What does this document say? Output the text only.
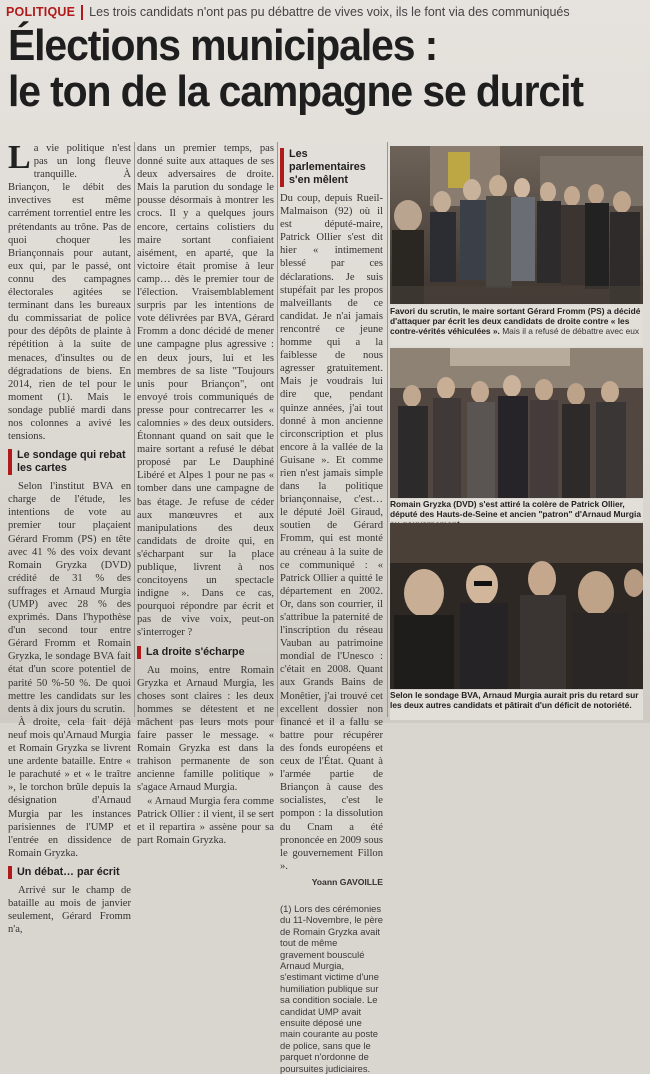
POLITIQUE Les trois candidats n'ont pas pu débattre de vives voix, ils le font via des communiqués
Élections municipales :
le ton de la campagne se durcit

La vie politique n'est pas un long fleuve tranquille. À Briançon, le débit des invectives est même carrément torrentiel entre les prétendants au trône. Pas de quoi choquer les Briançonnais pour autant, eux qui, par le passé, ont connu des campagnes électorales agitées se terminant dans les bureaux du commissariat de police pour des dépôts de plainte à répétition à la suite de menaces, d'insultes ou de dégradations de biens. En 2014, rien de tel pour le moment (1). Mais le sondage publié mardi dans nos colonnes a avivé les tensions.

Le sondage qui rebat les cartes

Selon l'institut BVA en charge de l'étude, les intentions de vote au premier tour plaçaient Gérard Fromm (PS) en tête avec 41 % des voix devant Romain Gryzka (DVD) crédité de 31 % des suffrages et Arnaud Murgia (UMP) avec 28 % des exprimés. Dans l'hypothèse d'un second tour entre Gérard Fromm et Romain Gryzka, le sondage BVA fait état d'un score potentiel de parité 50 %-50 %. De quoi mettre les candidats sur les dents à dix jours du scrutin.

À droite, cela fait déjà neuf mois qu'Arnaud Murgia et Romain Gryzka se livrent une ardente bataille. Entre « le parachuté » et « le traître », le torchon brûle depuis la désignation d'Arnaud Murgia par les instances parisiennes de l'UMP et l'entrée en dissidence de Romain Gryzka.

Un débat… par écrit

Arrivé sur le champ de bataille au mois de janvier seulement, Gérard Fromm n'a,

dans un premier temps, pas donné suite aux attaques de ses deux adversaires de droite. Mais la parution du sondage le pousse désormais à montrer les crocs. Il y a quelques jours encore, certains colistiers du maire sortant confiaient aisément, en aparté, que la victoire était promise à leur camp… dès le premier tour de l'élection. Vraisemblablement surpris par les intentions de vote délivrées par BVA, Gérard Fromm a donc décidé de mener une campagne plus agressive : en deux jours, lui et les membres de sa liste "Toujours unis pour Briançon", ont envoyé trois communiqués de presse pour contrecarrer les « calomnies » des deux outsiders. Étonnant quand on sait que le maire sortant a refusé le débat proposé par Le Dauphiné Libéré et Alpes 1 pour ne pas « tomber dans une campagne de bas étage. Je refuse de céder aux manœuvres et aux manipulations des deux candidats de droite qui, en s'écharpant sur la place publique, livrent à nos concitoyens un spectacle indigne ». Dans ce cas, pourquoi répondre par écrit et pas de vive voix, peut-on s'interroger ?

La droite s'écharpe

Au moins, entre Romain Gryzka et Arnaud Murgia, les choses sont claires : les deux hommes se détestent et ne mâchent pas leurs mots pour faire passer le message. « Romain Gryzka est dans la trahison permanente de son ancienne famille politique » s'agace Arnaud Murgia.

« Arnaud Murgia fera comme Patrick Ollier : il vient, il se sert et il repartira » assène pour sa part Romain Gryzka.

Les parlementaires s'en mêlent

Du coup, depuis Rueil-Malmaison (92) où il est député-maire, Patrick Ollier s'est dit hier « intimement blessé par ces déclarations. Je suis stupéfait par les propos malveillants de ce candidat. Je n'ai jamais rencontré ce jeune homme qui a la faiblesse de nous agresser gratuitement. Mais je voudrais lui dire que, pendant quinze années, j'ai tout donné à mon ancienne circonscription et plus encore à la vallée de la Guisane ». Et comme rien n'est jamais simple dans la politique briançonnaise, c'est… le député Joël Giraud, soutien de Gérard Fromm, qui est monté au créneau à la suite de ce communiqué : « Patrick Ollier a quitté le département en 2002. Or, dans son courrier, il s'attribue la paternité de l'inscription du réseau Vauban au patrimoine mondial de l'Unesco : c'était en 2008. Quant aux Grands Bains de Monêtier, j'ai trouvé cet excellent dossier non financé et il a fallu se battre pour récupérer des fonds européens et ceux de l'État. Quant à l'armée partie de Briançon à cause des socialistes, c'est le pompon : la dissolution du Cnam a été prononcée en 2009 sous le gouvernement Fillon ».

Yoann GAVOILLE

(1) Lors des cérémonies du 11-Novembre, le père de Romain Gryzka avait tout de même gravement bousculé Arnaud Murgia, s'estimant victime d'une humiliation publique sur sa condition sociale. Le candidat UMP avait ensuite déposé une main courante au poste de police, sans que le parquet n'ordonne de poursuites judiciaires.

Favori du scrutin, le maire sortant Gérard Fromm (PS) a décidé d'attaquer par écrit les deux candidats de droite contre « les contre-vérités véhiculées ». Mais il a refusé de débattre avec eux
Romain Gryzka (DVD) s'est attiré la colère de Patrick Ollier, député des Hauts-de-Seine et ancien "patron" d'Arnaud Murgia
Selon le sondage BVA, Arnaud Murgia aurait pris du retard sur les deux autres candidats et pâtirait d'un déficit de notoriété.
